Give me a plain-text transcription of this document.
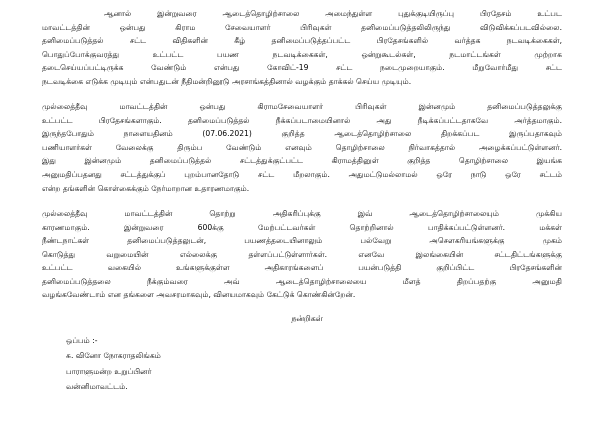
ஆனால் இன்றுவரை ஆடைத்தொழிற்சாலை அமைந்துள்ள புதுக்குடியிருப்பு பிரதேசம் உட்பட
மாவட்டத்தின் ஒன்பது கிராம சேவையாளர் பிரிவுகள் தனிமைப்படுத்தலிலிருந்து விடுவிக்கப்படவில்லை.
தனிமைப்படுத்தல் சட்ட விதிகளின் கீழ் தனிமைப்படுத்தப்பட்ட பிரதேசங்களில் வர்த்தக நடவடிக்கைகள்,
பொதுப்போக்குவரத்து உட்பட்ட பயண நடவடிக்கைகள், ஒன்றுகூடல்கள், நடமாட்டங்கள் முற்றாக
தடைசெய்யப்பட்டிருக்க வேண்டும் என்பது கோவிட்-19 சட்ட நடைமுறையாகும். மீறுவோர்மீது சட்ட
நடவடிக்கை எடுக்க முடியும் என்பதுடன் நீதிமன்றினூடு அரசாங்கத்தினால் வழக்கும் தாக்கல் செய்ய முடியும்.

முல்லைத்தீவு மாவட்டத்தின் ஒன்பது கிராமசேவையாளர் பிரிவுகள் இன்னமும் தனிமைப்படுத்தலுக்கு
உட்பட்ட பிரதேசங்களாகும். தனிமைப்படுத்தல் நீக்கப்படாமையினால் அது நீடிக்கப்பட்டதாகவே அர்த்தமாகும்.
இருந்தபோதும் நாளையதினம் (07.06.2021) குறித்த ஆடைத்தொழிற்சாலை திறக்கப்பட இருப்பதாகவும்
பணியாளர்கள் வேலைக்கு திரும்ப வேண்டும் எனவும் தொழிற்சாலை நிர்வாகத்தால் அழைக்கப்பட்டுள்ளனர்.
இது இன்னமும் தனிமைப்படுத்தல் சட்டத்துக்குட்பட்ட கிராமத்தினுள் குறித்த தொழிற்சாலை இயங்க
அனுமதிப்பதனது சட்டத்துக்குப் புறம்பானதோடு சட்ட மீறலாகும். அதுமட்டுமல்லாமல் ஒரே நாடு ஒரே சட்டம்
என்ற தங்களின் கொள்கைக்கும் நேர்மாறான உதாரணமாகும்.

முல்லைத்தீவு மாவட்டத்தின் தொற்று அதிகரிப்புக்கு இவ் ஆடைத்தொழிற்சாலையும் முக்கிய
காரணமாகும். இன்றுவரை 600க்கு மேற்பட்டவர்கள் தொற்றினால் பாதிக்கப்பட்டுள்ளனர். மக்கள்
நீண்டநாட்கள் தனிமைப்படுத்தலுடன், பயணத்தடையினாலும் பல்வேறு அசௌகரியங்களுக்கு முகம்
கொடுத்து வறுமையின் எல்லைக்கு தள்ளப்பட்டுள்ளார்கள். எனவே இலங்கையின் சட்டதிட்டங்களுக்கு
உட்பட்ட வகையில் உங்களுக்குள்ள அதிகாரங்களைப் பயன்படுத்தி குறிப்பிட்ட பிரதேசங்களின்
தனிமைப்படுத்தலை நீக்கும்வரை அவ் ஆடைத்தொழிற்சாலையை மீளத் திறப்பதற்கு அனுமதி
வழங்கவேண்டாம் என தங்களை அவசரமாகவும், வினயமாகவும் கேட்டுக் கொண்கின்றேன்.

நன்றிகள்
ஒப்பம் :-
சு. வினோ நோகராதலிங்கம்
பாராளுமன்ற உறுப்பினர்
வன்னிமாவட்டம்.
